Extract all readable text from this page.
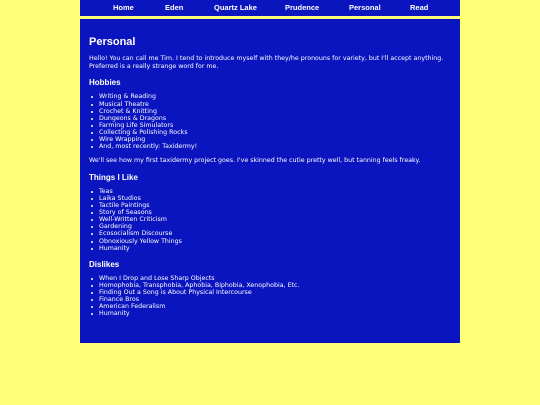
Home	Eden	Quartz Lake	Prudence	Personal	Read
Personal

Hello! You can call me Tim. I tend to introduce myself with they/he pronouns for variety, but I'll accept anything. Preferred is a really strange word for me.

Hobbies
Writing & Reading
Musical Theatre
Crochet & Knitting
Dungeons & Dragons
Farming Life Simulators
Collecting & Polishing Rocks
Wire Wrapping
And, most recently: Taxidermy!

We'll see how my first taxidermy project goes. I've skinned the cutie pretty well, but tanning feels freaky.

Things I Like
Teas
Laika Studios
Tactile Paintings
Story of Seasons
Well-Written Criticism
Gardening
Ecosocialism Discourse
Obnoxiously Yellow Things
Humanity
Dislikes
When I Drop and Lose Sharp Objects
Homophobia, Transphobia, Aphobia, Biphobia, Xenophobia, Etc.
Finding Out a Song is About Physical Intercourse
Finance Bros
American Federalism
Humanity
